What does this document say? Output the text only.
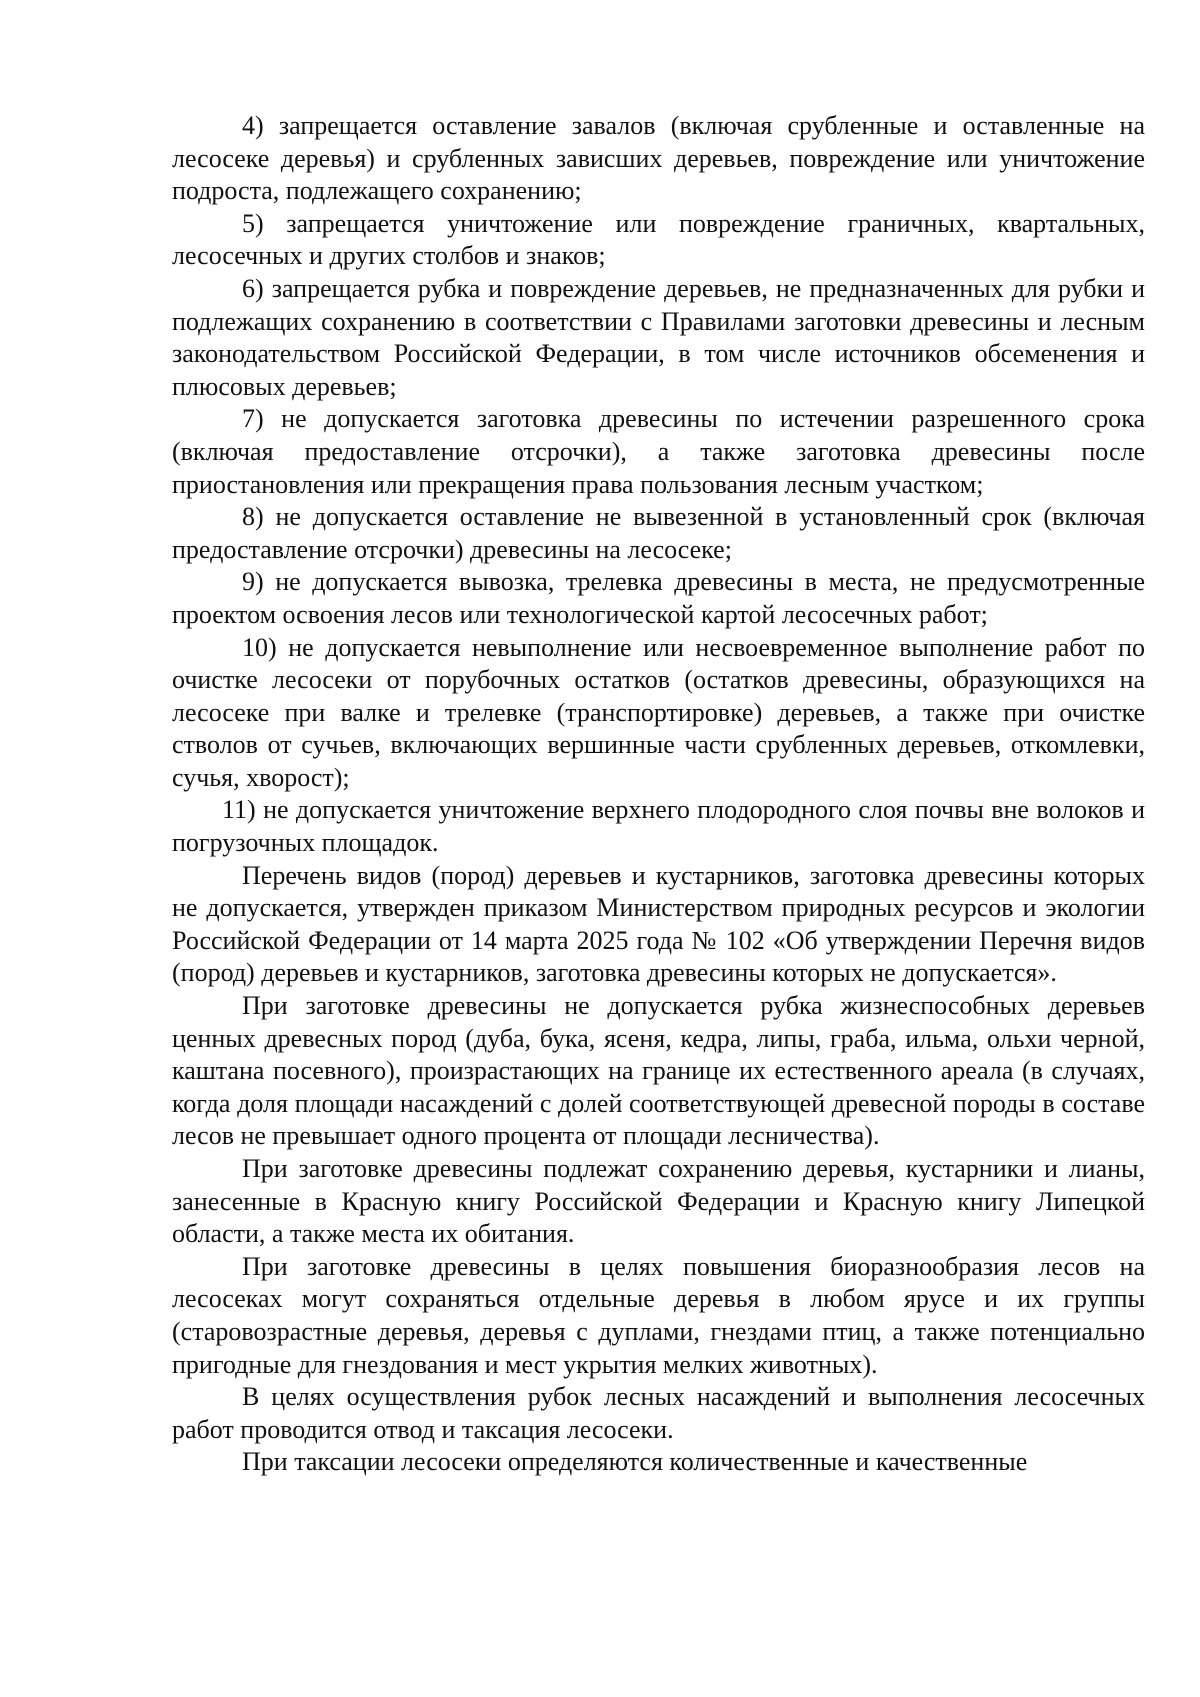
4) запрещается оставление завалов (включая срубленные и оставленные на лесосеке деревья) и срубленных зависших деревьев, повреждение или уничтожение подроста, подлежащего сохранению;

5) запрещается уничтожение или повреждение граничных, квартальных, лесосечных и других столбов и знаков;

6) запрещается рубка и повреждение деревьев, не предназначенных для рубки и подлежащих сохранению в соответствии с Правилами заготовки древесины и лесным законодательством Российской Федерации, в том числе источников обсеменения и плюсовых деревьев;

7) не допускается заготовка древесины по истечении разрешенного срока (включая предоставление отсрочки), а также заготовка древесины после приостановления или прекращения права пользования лесным участком;

8) не допускается оставление не вывезенной в установленный срок (включая предоставление отсрочки) древесины на лесосеке;

9) не допускается вывозка, трелевка древесины в места, не предусмотренные проектом освоения лесов или технологической картой лесосечных работ;

10) не допускается невыполнение или несвоевременное выполнение работ по очистке лесосеки от порубочных остатков (остатков древесины, образующихся на лесосеке при валке и трелевке (транспортировке) деревьев, а также при очистке стволов от сучьев, включающих вершинные части срубленных деревьев, откомлевки, сучья, хворост);

11) не допускается уничтожение верхнего плодородного слоя почвы вне волоков и погрузочных площадок.

Перечень видов (пород) деревьев и кустарников, заготовка древесины которых не допускается, утвержден приказом Министерством природных ресурсов и экологии Российской Федерации от 14 марта 2025 года № 102 «Об утверждении Перечня видов (пород) деревьев и кустарников, заготовка древесины которых не допускается».

При заготовке древесины не допускается рубка жизнеспособных деревьев ценных древесных пород (дуба, бука, ясеня, кедра, липы, граба, ильма, ольхи черной, каштана посевного), произрастающих на границе их естественного ареала (в случаях, когда доля площади насаждений с долей соответствующей древесной породы в составе лесов не превышает одного процента от площади лесничества).

При заготовке древесины подлежат сохранению деревья, кустарники и лианы, занесенные в Красную книгу Российской Федерации и Красную книгу Липецкой области, а также места их обитания.

При заготовке древесины в целях повышения биоразнообразия лесов на лесосеках могут сохраняться отдельные деревья в любом ярусе и их группы (старовозрастные деревья, деревья с дуплами, гнездами птиц, а также потенциально пригодные для гнездования и мест укрытия мелких животных).

В целях осуществления рубок лесных насаждений и выполнения лесосечных работ проводится отвод и таксация лесосеки.

При таксации лесосеки определяются количественные и качественные
